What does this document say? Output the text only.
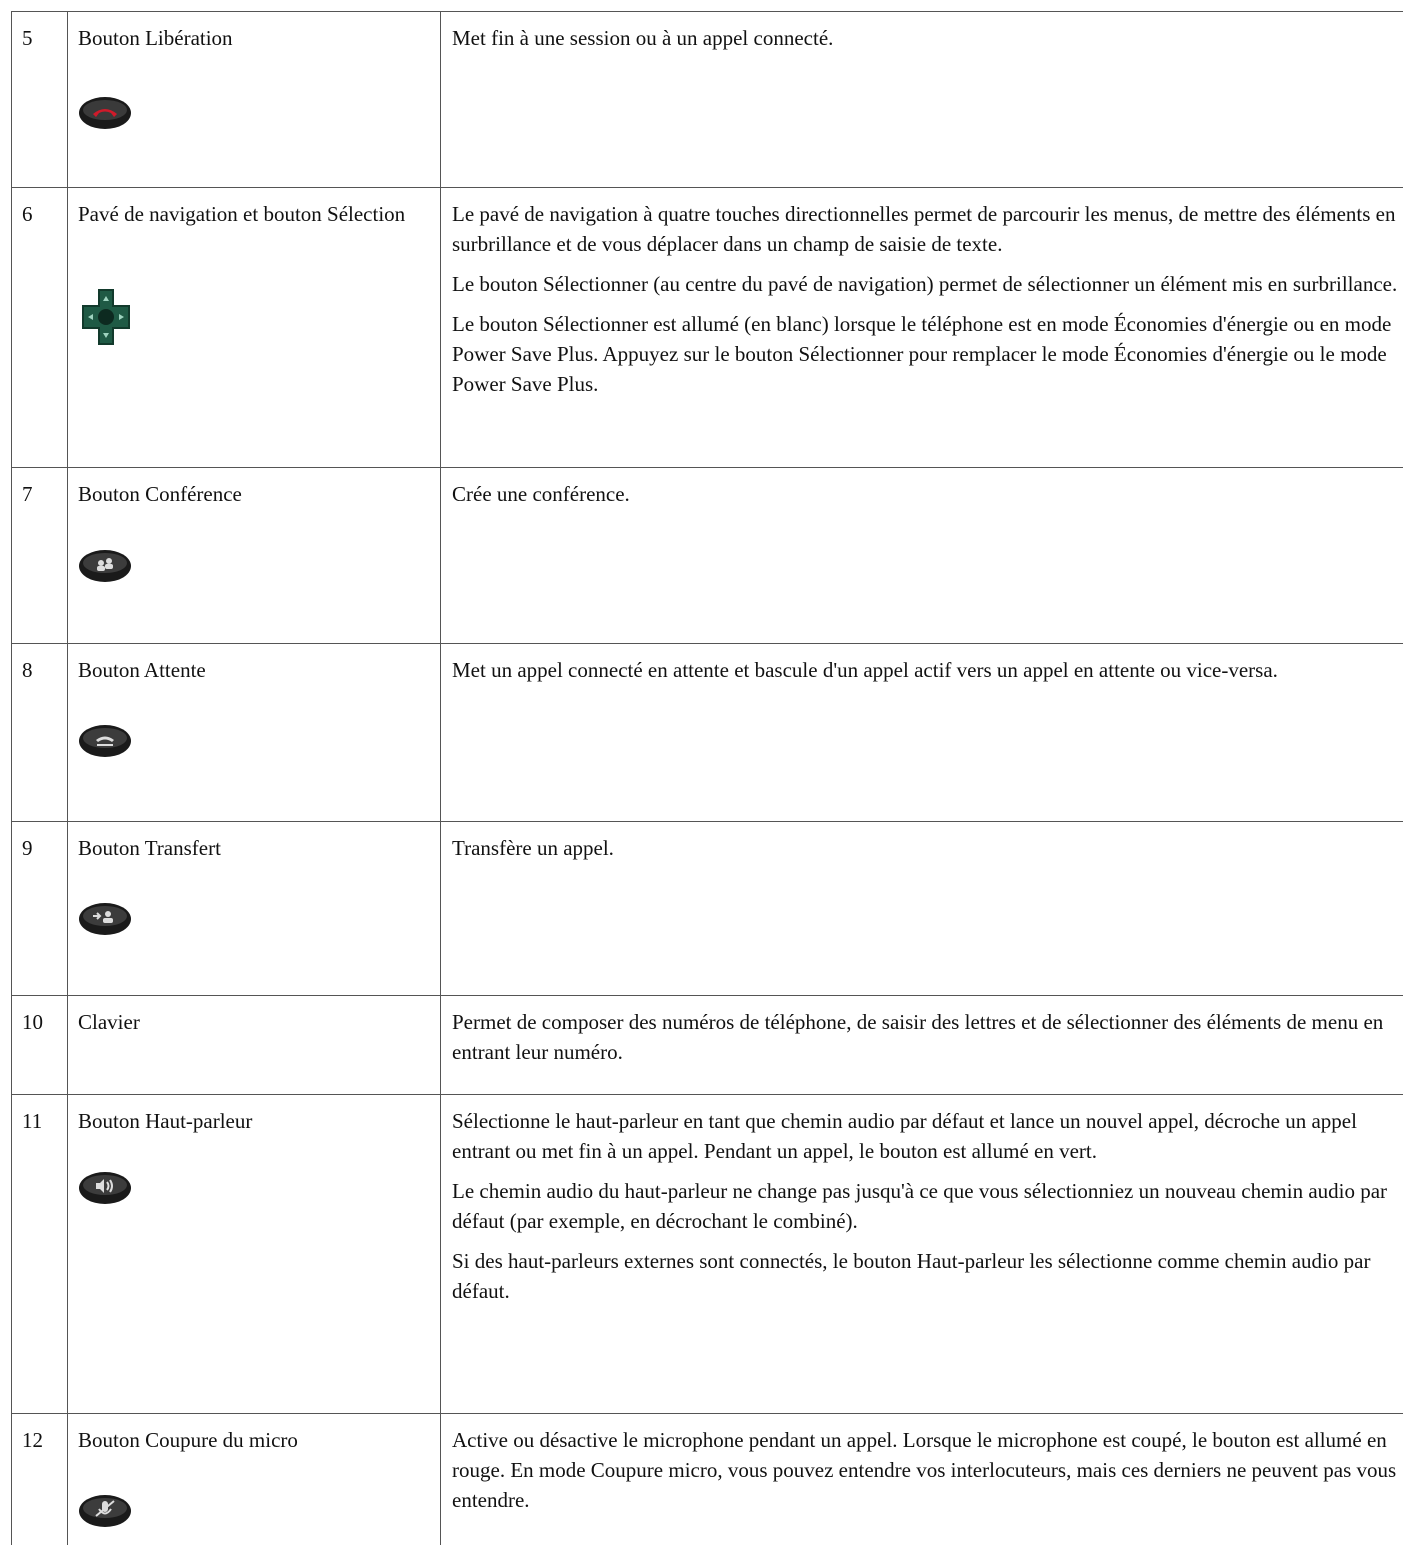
5	Bouton Libération	Met fin à une session ou à un appel connecté.

6	Pavé de navigation et bouton Sélection	Le pavé de navigation à quatre touches directionnelles permet de parcourir les menus, de mettre des éléments en surbrillance et de vous déplacer dans un champ de saisie de texte.

Le bouton Sélectionner (au centre du pavé de navigation) permet de sélectionner un élément mis en surbrillance.

Le bouton Sélectionner est allumé (en blanc) lorsque le téléphone est en mode Économies d'énergie ou en mode Power Save Plus. Appuyez sur le bouton Sélectionner pour remplacer le mode Économies d'énergie ou le mode Power Save Plus.

7	Bouton Conférence	Crée une conférence.

8	Bouton Attente	Met un appel connecté en attente et bascule d'un appel actif vers un appel en attente ou vice-versa.

9	Bouton Transfert	Transfère un appel.

10	Clavier	Permet de composer des numéros de téléphone, de saisir des lettres et de sélectionner des éléments de menu en entrant leur numéro.

11	Bouton Haut-parleur	Sélectionne le haut-parleur en tant que chemin audio par défaut et lance un nouvel appel, décroche un appel entrant ou met fin à un appel. Pendant un appel, le bouton est allumé en vert.

Le chemin audio du haut-parleur ne change pas jusqu'à ce que vous sélectionniez un nouveau chemin audio par défaut (par exemple, en décrochant le combiné).

Si des haut-parleurs externes sont connectés, le bouton Haut-parleur les sélectionne comme chemin audio par défaut.

12	Bouton Coupure du micro	Active ou désactive le microphone pendant un appel. Lorsque le microphone est coupé, le bouton est allumé en rouge. En mode Coupure micro, vous pouvez entendre vos interlocuteurs, mais ces derniers ne peuvent pas vous entendre.
